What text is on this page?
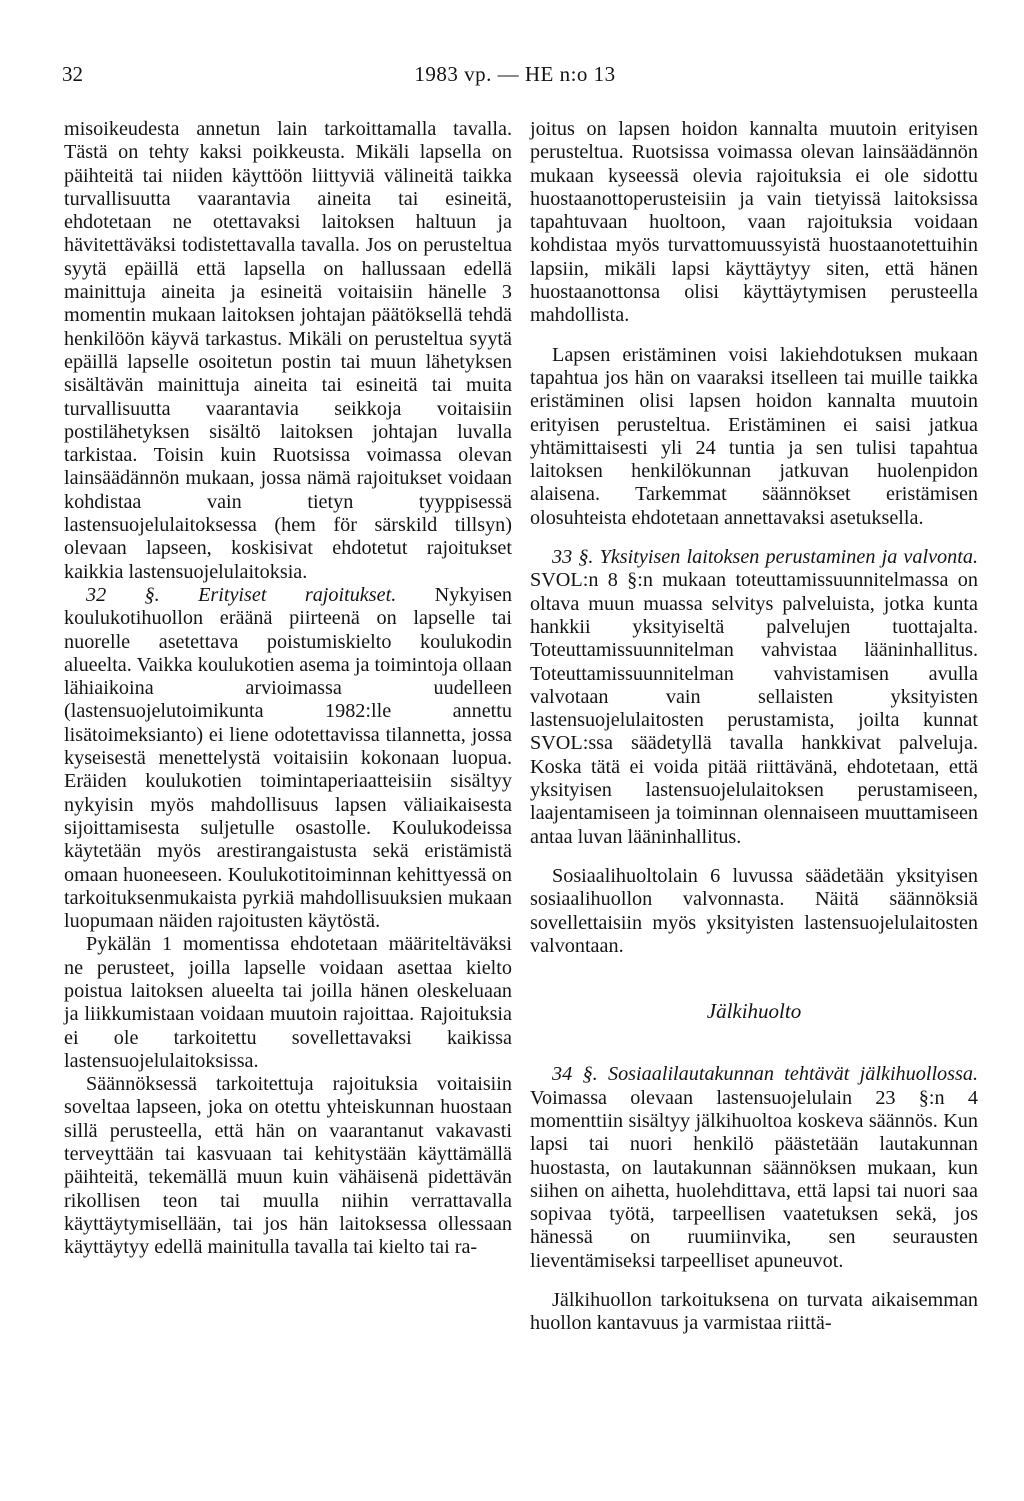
32	1983 vp. — HE n:o 13

misoikeudesta annetun lain tarkoittamalla tavalla. Tästä on tehty kaksi poikkeusta. Mikäli lapsella on päihteitä tai niiden käyttöön liittyviä välineitä taikka turvallisuutta vaarantavia aineita tai esineitä, ehdotetaan ne otettavaksi laitoksen haltuun ja hävitettäväksi todistettavalla tavalla. Jos on perusteltua syytä epäillä että lapsella on hallussaan edellä mainittuja aineita ja esineitä voitaisiin hänelle 3 momentin mukaan laitoksen johtajan päätöksellä tehdä henkilöön käyvä tarkastus. Mikäli on perusteltua syytä epäillä lapselle osoitetun postin tai muun lähetyksen sisältävän mainittuja aineita tai esineitä tai muita turvallisuutta vaarantavia seikkoja voitaisiin postilähetyksen sisältö laitoksen johtajan luvalla tarkistaa. Toisin kuin Ruotsissa voimassa olevan lainsäädännön mukaan, jossa nämä rajoitukset voidaan kohdistaa vain tietyn tyyppisessä lastensuojelulaitoksessa (hem för särskild tillsyn) olevaan lapseen, koskisivat ehdotetut rajoitukset kaikkia lastensuojelulaitoksia.

32 §. Erityiset rajoitukset. Nykyisen koulukotihuollon eräänä piirteenä on lapselle tai nuorelle asetettava poistumiskielto koulukodin alueelta. Vaikka koulukotien asema ja toimintoja ollaan lähiaikoina arvioimassa uudelleen (lastensuojelutoimikunta 1982:lle annettu lisätoimeksianto) ei liene odotettavissa tilannetta, jossa kyseisestä menettelystä voitaisiin kokonaan luopua. Eräiden koulukotien toimintaperiaatteisiin sisältyy nykyisin myös mahdollisuus lapsen väliaikaisesta sijoittamisesta suljetulle osastolle. Koulukodeissa käytetään myös arestirangaistusta sekä eristämistä omaan huoneeseen. Koulukotitoiminnan kehittyessä on tarkoituksenmukaista pyrkiä mahdollisuuksien mukaan luopumaan näiden rajoitusten käytöstä.

Pykälän 1 momentissa ehdotetaan määriteltäväksi ne perusteet, joilla lapselle voidaan asettaa kielto poistua laitoksen alueelta tai joilla hänen oleskeluaan ja liikkumistaan voidaan muutoin rajoittaa. Rajoituksia ei ole tarkoitettu sovellettavaksi kaikissa lastensuojelulaitoksissa.

Säännöksessä tarkoitettuja rajoituksia voitaisiin soveltaa lapseen, joka on otettu yhteiskunnan huostaan sillä perusteella, että hän on vaarantanut vakavasti terveyttään tai kasvuaan tai kehitystään käyttämällä päihteitä, tekemällä muun kuin vähäisenä pidettävän rikollisen teon tai muulla niihin verrattavalla käyttäytymisellään, tai jos hän laitoksessa ollessaan käyttäytyy edellä mainitulla tavalla tai kielto tai ra-

joitus on lapsen hoidon kannalta muutoin erityisen perusteltua. Ruotsissa voimassa olevan lainsäädännön mukaan kyseessä olevia rajoituksia ei ole sidottu huostaanottoperusteisiin ja vain tietyissä laitoksissa tapahtuvaan huoltoon, vaan rajoituksia voidaan kohdistaa myös turvattomuussyistä huostaanotettuihin lapsiin, mikäli lapsi käyttäytyy siten, että hänen huostaanottonsa olisi käyttäytymisen perusteella mahdollista.

Lapsen eristäminen voisi lakiehdotuksen mukaan tapahtua jos hän on vaaraksi itselleen tai muille taikka eristäminen olisi lapsen hoidon kannalta muutoin erityisen perusteltua. Eristäminen ei saisi jatkua yhtämittaisesti yli 24 tuntia ja sen tulisi tapahtua laitoksen henkilökunnan jatkuvan huolenpidon alaisena. Tarkemmat säännökset eristämisen olosuhteista ehdotetaan annettavaksi asetuksella.

33 §. Yksityisen laitoksen perustaminen ja valvonta. SVOL:n 8 §:n mukaan toteuttamissuunnitelmassa on oltava muun muassa selvitys palveluista, jotka kunta hankkii yksityiseltä palvelujen tuottajalta. Toteuttamissuunnitelman vahvistaa lääninhallitus. Toteuttamissuunnitelman vahvistamisen avulla valvotaan vain sellaisten yksityisten lastensuojelulaitosten perustamista, joilta kunnat SVOL:ssa säädetyllä tavalla hankkivat palveluja. Koska tätä ei voida pitää riittävänä, ehdotetaan, että yksityisen lastensuojelulaitoksen perustamiseen, laajentamiseen ja toiminnan olennaiseen muuttamiseen antaa luvan lääninhallitus.

Sosiaalihuoltolain 6 luvussa säädetään yksityisen sosiaalihuollon valvonnasta. Näitä säännöksiä sovellettaisiin myös yksityisten lastensuojelulaitosten valvontaan.

Jälkihuolto

34 §. Sosiaalilautakunnan tehtävät jälkihuollossa. Voimassa olevaan lastensuojelulain 23 §:n 4 momenttiin sisältyy jälkihuoltoa koskeva säännös. Kun lapsi tai nuori henkilö päästetään lautakunnan huostasta, on lautakunnan säännöksen mukaan, kun siihen on aihetta, huolehdittava, että lapsi tai nuori saa sopivaa työtä, tarpeellisen vaatetuksen sekä, jos hänessä on ruumiinvika, sen seurausten lieventämiseksi tarpeelliset apuneuvot.

Jälkihuollon tarkoituksena on turvata aikaisemman huollon kantavuus ja varmistaa riittä-
